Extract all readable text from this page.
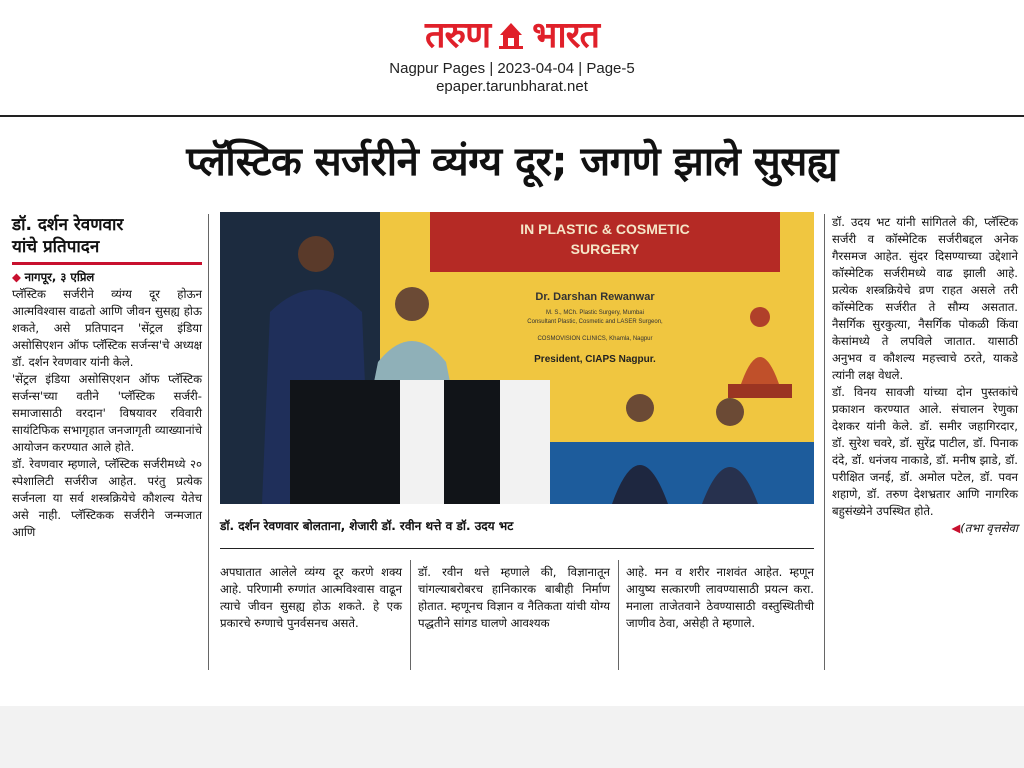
तरुण भारत
Nagpur Pages | 2023-04-04 | Page-5
epaper.tarunbharat.net
प्लॅस्टिक सर्जरीने व्यंग्य दूर; जगणे झाले सुसह्य

डॉ. दर्शन रेवणवार

यांचे प्रतिपादन

◆ नागपूर, ३ एप्रिल

प्लॅस्टिक सर्जरीने व्यंग्य दूर होऊन आत्मविश्वास वाढतो आणि जीवन सुसह्य होऊ शकते, असे प्रतिपादन 'सेंट्रल इंडिया असोसिएशन ऑफ प्लॅस्टिक सर्जन्स'चे अध्यक्ष डॉ. दर्शन रेवणवार यांनी केले.

'सेंट्रल इंडिया असोसिएशन ऑफ प्लॅस्टिक सर्जन्स'च्या वतीने 'प्लॅस्टिक सर्जरी- समाजासाठी वरदान' विषयावर रविवारी सायंटिफिक सभागृहात जनजागृती व्याख्यानांचे आयोजन करण्यात आले होते.

डॉ. रेवणवार म्हणाले, प्लॅस्टिक सर्जरीमध्ये २० स्पेशालिटी सर्जरीज आहेत. परंतु प्रत्येक सर्जनला या सर्व शस्त्रक्रियेचे कौशल्य येतेच असे नाही. प्लॅस्टिकक सर्जरीने जन्मजात आणि

IN PLASTIC & COSMETIC
SURGERY
Dr. Darshan Rewanwar
M. S., MCh. Plastic Surgery, Mumbai
Consultant Plastic, Cosmetic and LASER Surgeon,
COSMOVISION CLINICS, Khamla, Nagpur
President, CIAPS Nagpur.
डॉ. दर्शन रेवणवार बोलताना, शेजारी डॉ. रवीन थत्ते व डॉ. उदय भट

अपघातात आलेले व्यंग्य दूर करणे शक्य आहे. परिणामी रुग्णांत आत्मविश्वास वाढून त्याचे जीवन सुसह्य होऊ शकते. हे एक प्रकारचे रुग्णाचे पुनर्वसनच असते.

डॉ. रवीन थत्ते म्हणाले की, विज्ञानातून चांगल्याबरोबरच हानिकारक बाबीही निर्माण होतात. म्हणूनच विज्ञान व नैतिकता यांची योग्य पद्धतीने सांगड घालणे आवश्यक

आहे. मन व शरीर नाशवंत आहेत. म्हणून आयुष्य सत्कारणी लावण्यासाठी प्रयत्न करा. मनाला ताजेतवाने ठेवण्यासाठी वस्तुस्थितीची जाणीव ठेवा, असेही ते म्हणाले.

डॉ. उदय भट यांनी सांगितले की, प्लॅस्टिक सर्जरी व कॉस्मेटिक सर्जरीबद्दल अनेक गैरसमज आहेत. सुंदर दिसण्याच्या उद्देशाने कॉस्मेटिक सर्जरीमध्ये वाढ झाली आहे. प्रत्येक शस्त्रक्रियेचे व्रण राहत असले तरी कॉस्मेटिक सर्जरीत ते सौम्य असतात. नैसर्गिक सुरकुत्या, नैसर्गिक पोकळी किंवा केसांमध्ये ते लपविले जातात. यासाठी अनुभव व कौशल्य महत्त्वाचे ठरते, याकडे त्यांनी लक्ष वेधले.

डॉ. विनय सावजी यांच्या दोन पुस्तकांचे प्रकाशन करण्यात आले. संचालन रेणुका देशकर यांनी केले. डॉ. समीर जहागिरदार, डॉ. सुरेश चवरे, डॉ. सुरेंद्र पाटील, डॉ. पिनाक दंदे, डॉ. धनंजय नाकाडे, डॉ. मनीष झाडे, डॉ. परीक्षित जनई, डॉ. अमोल पटेल, डॉ. पवन शहाणे, डॉ. तरुण देशभ्रतार आणि नागरिक बहुसंख्येने उपस्थित होते.

◀(तभा वृत्तसेवा
